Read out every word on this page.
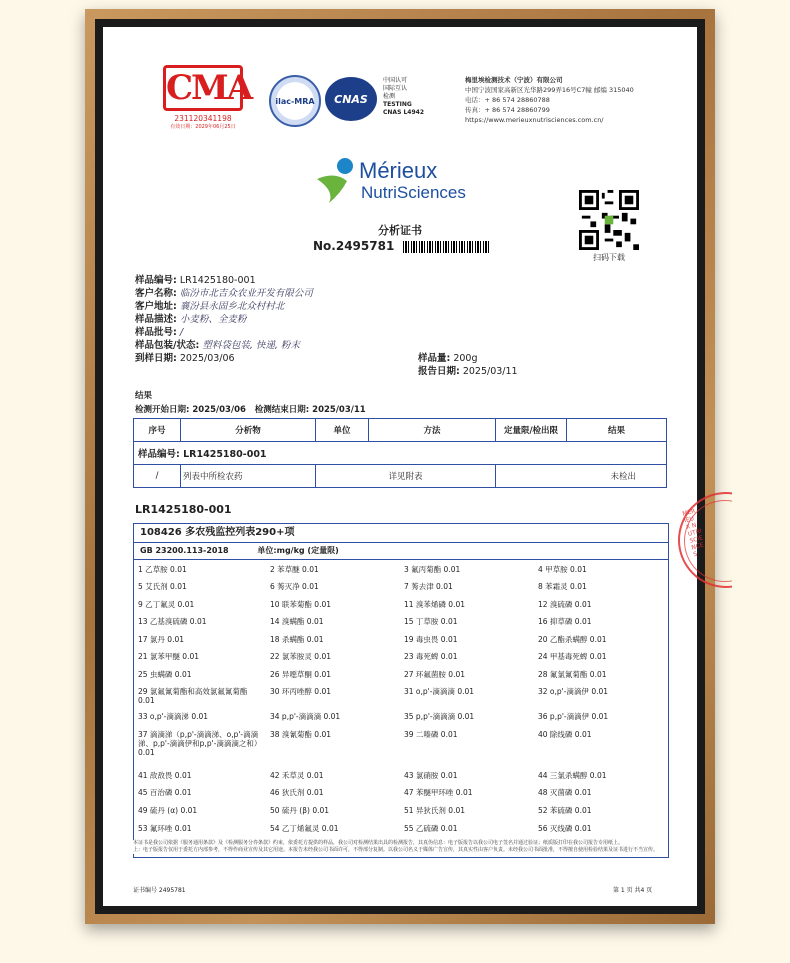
CMA
231120341198
有效日期：2029年06月25日
ilac-MRA CNAS
中国认可
国际互认
检测
TESTING
CNAS L4942
梅里埃检测技术（宁波）有限公司
中国宁波国家高新区光华路299弄16号C7幢 邮编 315040
电话：+ 86 574 28860788
传真：+ 86 574 28860799
https://www.merieuxnutrisciences.com.cn/
Mérieux
NutriSciences
扫码下载
分析证书
No.2495781
样品编号: LR1425180-001
客户名称: 临汾市北吉众农业开发有限公司
客户地址: 襄汾县永固乡北众村村北
样品描述: 小麦粉、全麦粉
样品批号: /
样品包装/状态: 塑料袋包装, 快递, 粉末
到样日期: 2025/03/06	样品量: 200g
报告日期: 2025/03/11
结果
检测开始日期: 2025/03/06 检测结束日期: 2025/03/11
序号	分析物	单位	方法	定量限/检出限	结果
样品编号: LR1425180-001					
/	列表中所检农药	详见附表		未检出	
LR1425180-001
108426 多农残监控列表290+项
GB 23200.113-2018	单位:mg/kg (定量限)
1 乙草胺 0.01	2 苯草醚 0.01	3 氟丙菊酯 0.01	4 甲草胺 0.01
5 艾氏剂 0.01	6 莠灭净 0.01	7 莠去津 0.01	8 苯霜灵 0.01
9 乙丁氟灵 0.01	10 联苯菊酯 0.01	11 溴苯烯磷 0.01	12 溴硫磷 0.01
13 乙基溴硫磷 0.01	14 溴螨酯 0.01	15 丁草胺 0.01	16 抑草磷 0.01
17 氯丹 0.01	18 杀螨酯 0.01	19 毒虫畏 0.01	20 乙酯杀螨醇 0.01
21 氯苯甲醚 0.01	22 氯苯胺灵 0.01	23 毒死蜱 0.01	24 甲基毒死蜱 0.01
25 虫螨磷 0.01	26 异噁草酮 0.01	27 环氟菌胺 0.01	28 氟氯氰菊酯 0.01
29 氯氟氰菊酯和高效氯氟氰菊酯 0.01
30 环丙唑醇 0.01	31 o,p'-滴滴滴 0.01	32 o,p'-滴滴伊 0.01
33 o,p'-滴滴涕 0.01	34 p,p'-滴滴滴 0.01	35 p,p'-滴滴滴 0.01	36 p,p'-滴滴伊 0.01
37 滴滴涕（p,p'-滴滴涕、o,p'-滴滴涕、p,p'-滴滴伊和p,p'-滴滴滴之和）0.01
38 溴氰菊酯 0.01	39 二嗪磷 0.01	40 除线磷 0.01
41 敌敌畏 0.01	42 禾草灵 0.01	43 氯硝胺 0.01	44 三氯杀螨醇 0.01
45 百治磷 0.01	46 狄氏剂 0.01	47 苯醚甲环唑 0.01	48 灭菌磷 0.01
49 硫丹 (α) 0.01	50 硫丹 (β) 0.01	51 异狄氏剂 0.01	52 苯硫磷 0.01
53 氟环唑 0.01	54 乙丁烯氟灵 0.01	55 乙硫磷 0.01	56 灭线磷 0.01
本证书是我公司依据《服务通用条款》及《检测服务分券条款》约束，依委托方提供的样品，我公司对检测结果出具的检测报告，其真伪信息：电子版报告以我公司电子签名并通过验证；纸质版打印在我公司报告专用纸上。
上：电子版报告仅用于委托方内部参考，不得作商业宣传及其它用途。本报告未经我公司书面许可，不得部分复制。以我公司名义于媒体广告宣传，其真实性由客户负责。未经我公司书面批准，不得擅自使用检验结果及证书进行不当宣传。
证书编号 2495781	第 1 页 共4 页
MERIEUX NUTRISCIENCES
